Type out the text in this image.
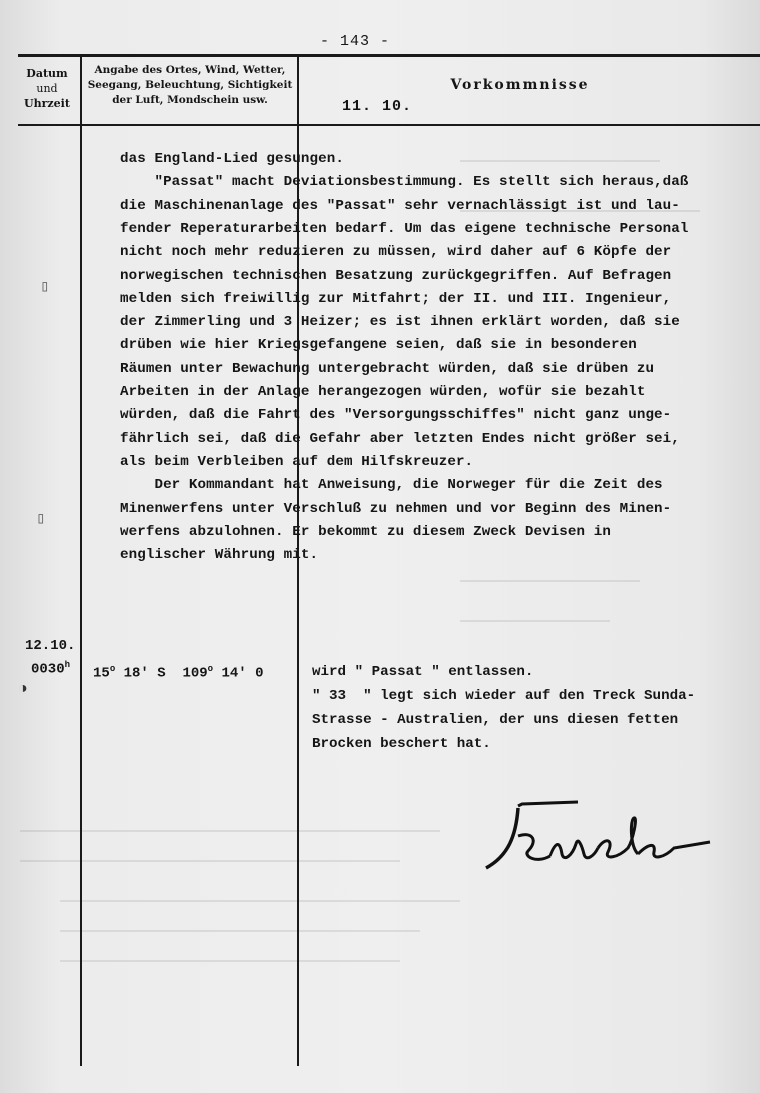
- 143 -
Datum
und
Uhrzeit
Angabe des Ortes, Wind, Wetter,
Seegang, Beleuchtung, Sichtigkeit
der Luft, Mondschein usw.
Vorkommnisse
11. 10.
das England-Lied gesungen.
"Passat" macht Deviationsbestimmung. Es stellt sich heraus,daß
die Maschinenanlage des "Passat" sehr vernachlässigt ist und lau-
fender Reperaturarbeiten bedarf. Um das eigene technische Personal
nicht noch mehr reduzieren zu müssen, wird daher auf 6 Köpfe der
norwegischen technischen Besatzung zurückgegriffen. Auf Befragen
melden sich freiwillig zur Mitfahrt; der II. und III. Ingenieur,
der Zimmerling und 3 Heizer; es ist ihnen erklärt worden, daß sie
drüben wie hier Kriegsgefangene seien, daß sie in besonderen
Räumen unter Bewachung untergebracht würden, daß sie drüben zu
Arbeiten in der Anlage herangezogen würden, wofür sie bezahlt
würden, daß die Fahrt des "Versorgungsschiffes" nicht ganz unge-
fährlich sei, daß die Gefahr aber letzten Endes nicht größer sei,
als beim Verbleiben auf dem Hilfskreuzer.
Der Kommandant hat Anweisung, die Norweger für die Zeit des
Minenwerfens unter Verschluß zu nehmen und vor Beginn des Minen-
werfens abzulohnen. Er bekommt zu diesem Zweck Devisen in
englischer Währung mit.
12.10.
0030$^h$
15$^o$ 18' S 109$^o$ 14' 0	wird " Passat " entlassen.
" 33  " legt sich wieder auf den Treck Sunda-
Strasse - Australien, der uns diesen fetten
Brocken beschert hat.
▯
▯
◑
